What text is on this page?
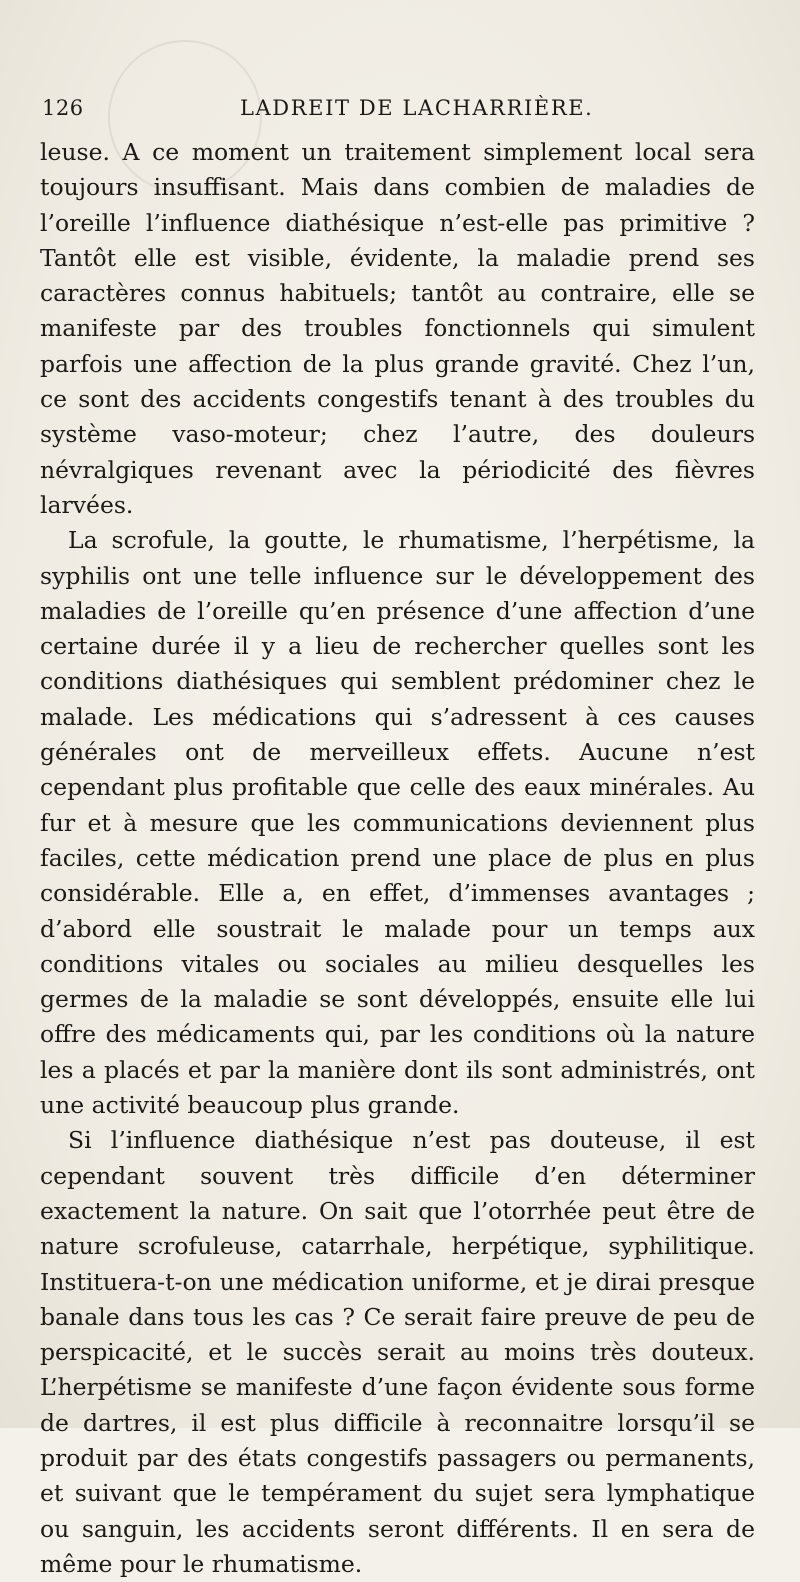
126	LADREIT DE LACHARRIÈRE.

leuse. A ce moment un traitement simplement local sera toujours insuffisant. Mais dans combien de maladies de l’oreille l’influence diathésique n’est-elle pas primitive ? Tantôt elle est visible, évidente, la maladie prend ses caractères connus habituels; tantôt au contraire, elle se manifeste par des troubles fonctionnels qui simulent parfois une affection de la plus grande gravité. Chez l’un, ce sont des accidents congestifs tenant à des troubles du système vaso-moteur; chez l’autre, des douleurs névralgiques revenant avec la périodicité des fièvres larvées.

La scrofule, la goutte, le rhumatisme, l’herpétisme, la syphilis ont une telle influence sur le développement des maladies de l’oreille qu’en présence d’une affection d’une certaine durée il y a lieu de rechercher quelles sont les conditions diathésiques qui semblent prédominer chez le malade. Les médications qui s’adressent à ces causes générales ont de merveilleux effets. Aucune n’est cependant plus profitable que celle des eaux minérales. Au fur et à mesure que les communications deviennent plus faciles, cette médication prend une place de plus en plus considérable. Elle a, en effet, d’immenses avantages ; d’abord elle soustrait le malade pour un temps aux conditions vitales ou sociales au milieu desquelles les germes de la maladie se sont développés, ensuite elle lui offre des médicaments qui, par les conditions où la nature les a placés et par la manière dont ils sont administrés, ont une activité beaucoup plus grande.

Si l’influence diathésique n’est pas douteuse, il est cependant souvent très difficile d’en déterminer exactement la nature. On sait que l’otorrhée peut être de nature scrofuleuse, catarrhale, herpétique, syphilitique. Instituera-t-on une médication uniforme, et je dirai presque banale dans tous les cas ? Ce serait faire preuve de peu de perspicacité, et le succès serait au moins très douteux. L’herpétisme se manifeste d’une façon évidente sous forme de dartres, il est plus difficile à reconnaitre lorsqu’il se produit par des états congestifs passagers ou permanents, et suivant que le tempérament du sujet sera lymphatique ou sanguin, les accidents seront différents. Il en sera de même pour le rhumatisme.
